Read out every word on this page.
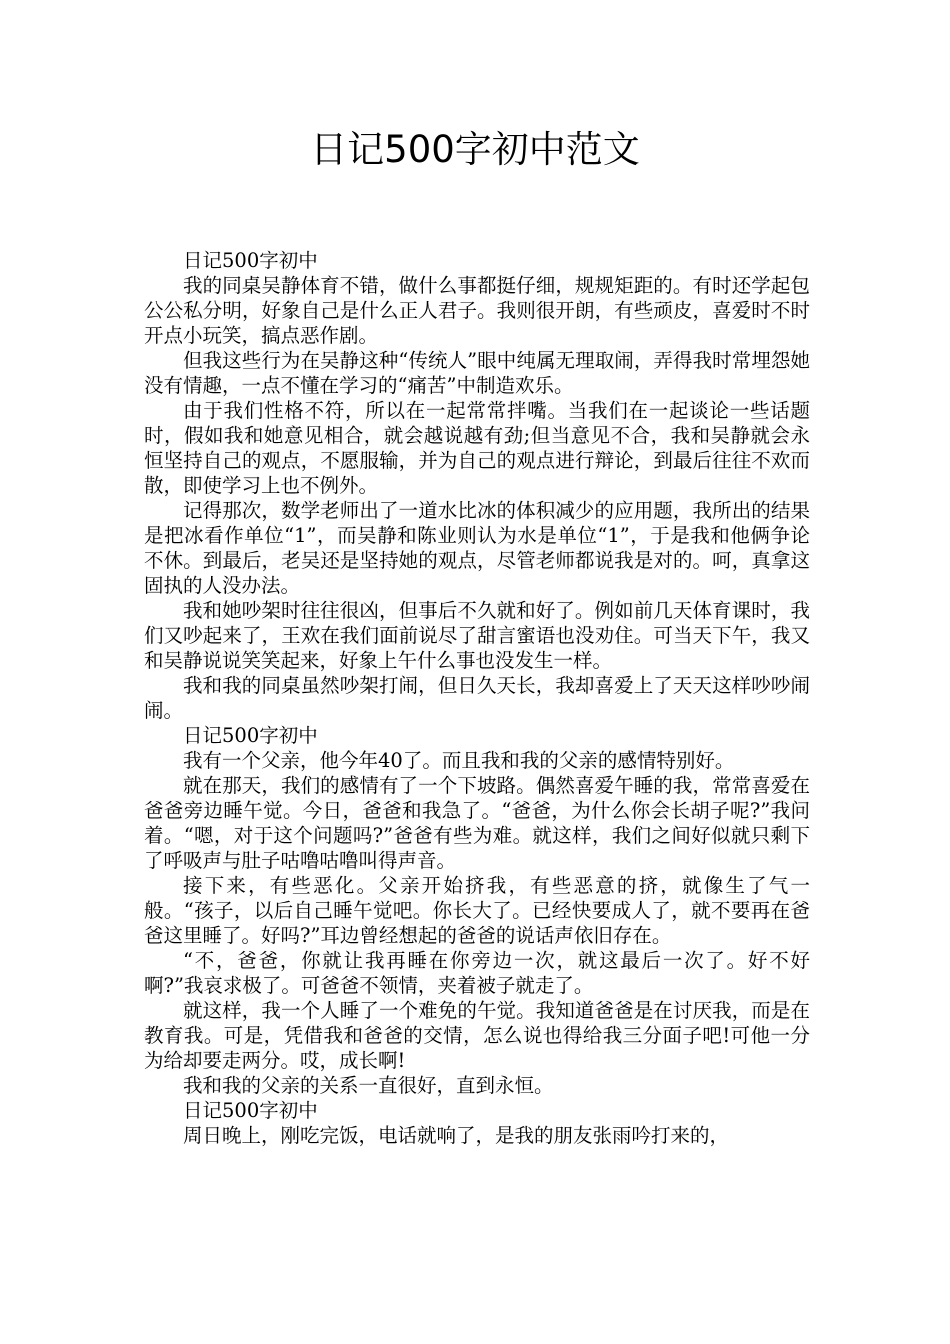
日记500字初中范文

日记500字初中

我的同桌吴静体育不错，做什么事都挺仔细，规规矩距的。有时还学起包公公私分明，好象自己是什么正人君子。我则很开朗，有些顽皮，喜爱时不时开点小玩笑，搞点恶作剧。

但我这些行为在吴静这种“传统人”眼中纯属无理取闹，弄得我时常埋怨她没有情趣，一点不懂在学习的“痛苦”中制造欢乐。

由于我们性格不符，所以在一起常常拌嘴。当我们在一起谈论一些话题时，假如我和她意见相合，就会越说越有劲;但当意见不合，我和吴静就会永恒坚持自己的观点，不愿服输，并为自己的观点进行辩论，到最后往往不欢而散，即使学习上也不例外。

记得那次，数学老师出了一道水比冰的体积减少的应用题，我所出的结果是把冰看作单位“1”，而吴静和陈业则认为水是单位“1”，于是我和他俩争论不休。到最后，老吴还是坚持她的观点，尽管老师都说我是对的。呵，真拿这固执的人没办法。

我和她吵架时往往很凶，但事后不久就和好了。例如前几天体育课时，我们又吵起来了，王欢在我们面前说尽了甜言蜜语也没劝住。可当天下午，我又和吴静说说笑笑起来，好象上午什么事也没发生一样。

我和我的同桌虽然吵架打闹，但日久天长，我却喜爱上了天天这样吵吵闹闹。

日记500字初中

我有一个父亲，他今年40了。而且我和我的父亲的感情特别好。

就在那天，我们的感情有了一个下坡路。偶然喜爱午睡的我，常常喜爱在爸爸旁边睡午觉。今日，爸爸和我急了。“爸爸，为什么你会长胡子呢?”我问着。“嗯，对于这个问题吗?”爸爸有些为难。就这样，我们之间好似就只剩下了呼吸声与肚子咕噜咕噜叫得声音。

接下来，有些恶化。父亲开始挤我，有些恶意的挤，就像生了气一般。“孩子，以后自己睡午觉吧。你长大了。已经快要成人了，就不要再在爸爸这里睡了。好吗?”耳边曾经想起的爸爸的说话声依旧存在。

“不，爸爸，你就让我再睡在你旁边一次，就这最后一次了。好不好啊?”我哀求极了。可爸爸不领情，夹着被子就走了。

就这样，我一个人睡了一个难免的午觉。我知道爸爸是在讨厌我，而是在教育我。可是，凭借我和爸爸的交情，怎么说也得给我三分面子吧!可他一分为给却要走两分。哎，成长啊!

我和我的父亲的关系一直很好，直到永恒。

日记500字初中

周日晚上，刚吃完饭，电话就响了，是我的朋友张雨吟打来的，
